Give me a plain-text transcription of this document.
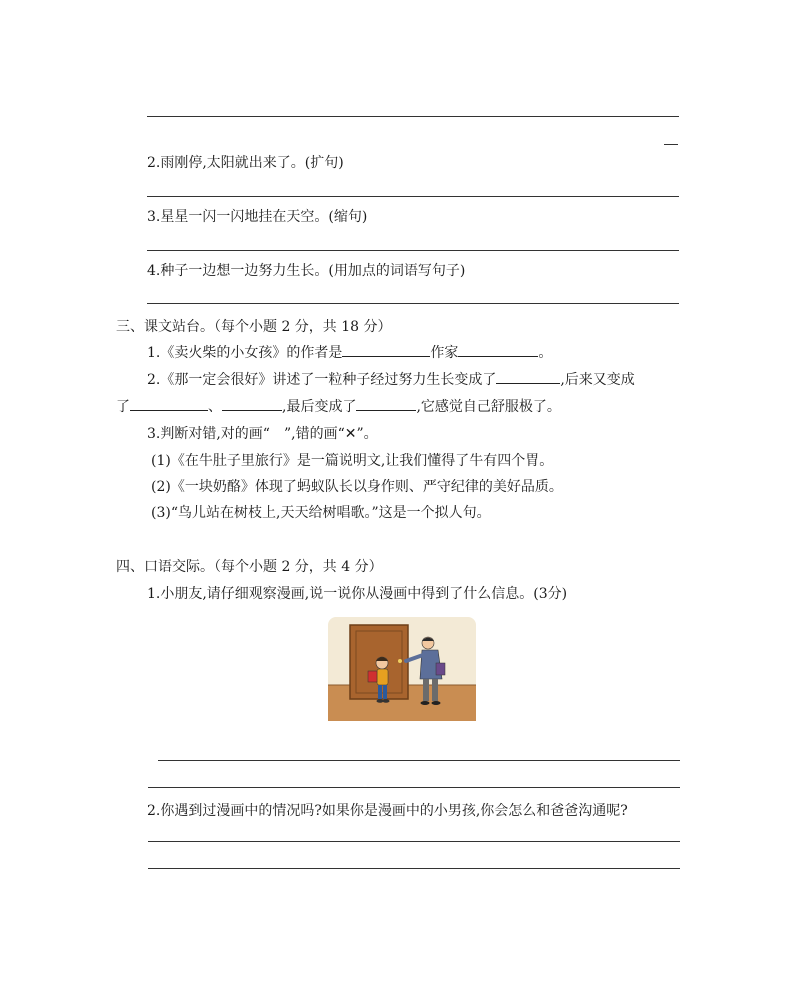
2.雨刚停,太阳就出来了。(扩句)
3.星星一闪一闪地挂在天空。(缩句)
4.种子一边想一边努力生长。(用加点的词语写句子)
三、课文站台。（每个小题 2 分，共 18 分）
1.《卖火柴的小女孩》的作者是	作家	。
2.《那一定会很好》讲述了一粒种子经过努力生长变成了	,后来又变成
了	、	,最后变成了	,它感觉自己舒服极了。
3.判断对错,对的画“　”,错的画“✕”。
(1)《在牛肚子里旅行》是一篇说明文,让我们懂得了牛有四个胃。
(2)《一块奶酪》体现了蚂蚁队长以身作则、严守纪律的美好品质。
(3)“鸟儿站在树枝上,天天给树唱歌。”这是一个拟人句。
四、口语交际。（每个小题 2 分，共 4 分）
1.小朋友,请仔细观察漫画,说一说你从漫画中得到了什么信息。(3分)
2.你遇到过漫画中的情况吗?如果你是漫画中的小男孩,你会怎么和爸爸沟通呢?
